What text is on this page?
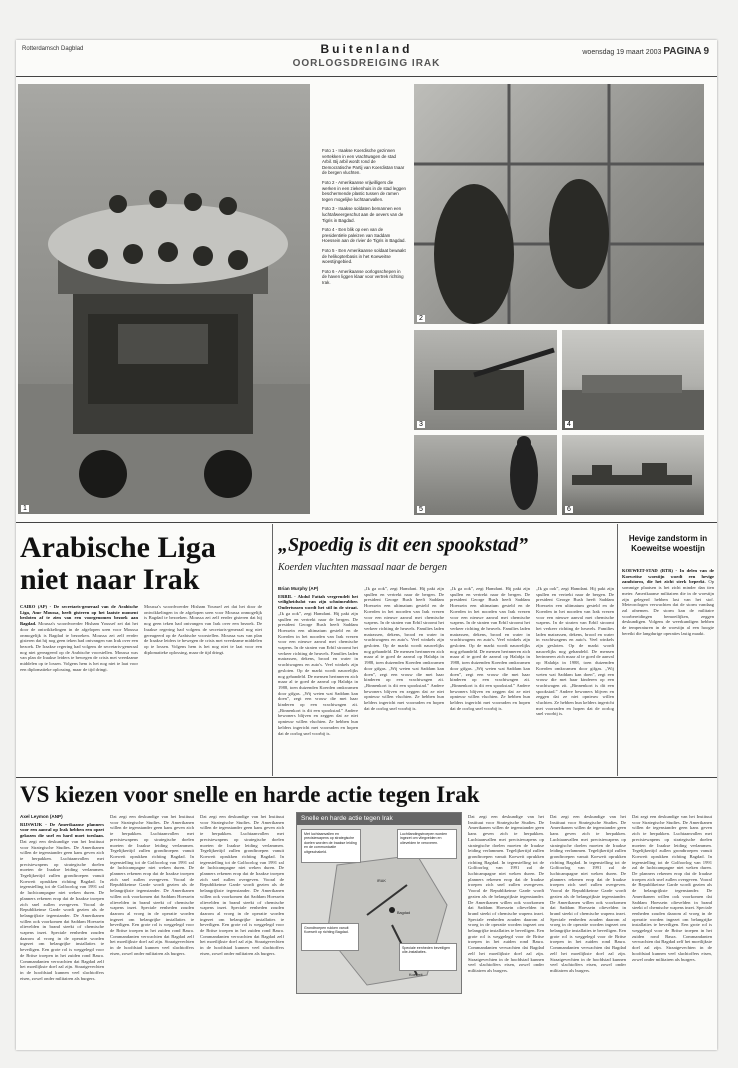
Rotterdamsch Dagblad	Buitenland
OORLOGSDREIGING IRAK
woensdag 19 maart 2003 PAGINA 9
1

Foto 1 - Iraakse Koerdische gezinnen vertekken in een vrachtwagen de stad Arbil. Bij arbil wordt rond de Democratische Partij van Koerdistan tnaar de bergen vluchten.

Foto 2 - Amerikaanse vrijwilligers die werken in een ziekenhuis in de stad leggen beschermende plastic tussen de ramen tegen mogelijke luchtaanvallen.

Foto 3 - Iraakse soldaten bemannen een luchtafweergeschut aan de oevers van de Tigris in Bagdad.

Foto 4 - Een blik op een van de presidentiële paleizen van Saddam Hoessein aan de rivier de Tigris in Bagdad.

Foto 5 - Een Amerikaanse soldaat bewaakt de helikopterbasis in het Koeweitse woestijngebied.

Foto 6 - Amerikaanse oorlogsschepen in de haven liggen klaar voor vertrek richting Irak.

2
3	4
5	6
Arabische Liga niet naar Irak
CAIRO (AP) - De secretaris-generaal van de Arabische Liga, Amr Moussa, heeft gisteren op het laatste moment besloten af te zien van een voorgenomen bezoek aan Bagdad. Moussa's woordvoerder Hisham Youssef zei dat het door de ontwikkelingen in de afgelopen uren voor Moussa onmogelijk is Bagdad te bezoeken. Moussa zei zelf eerder gisteren dat hij nog geen teken had ontvangen van Irak over een bezoek. De Iraakse regering had volgens de secretaris-generaal nog niet gereageerd op de Arabische voorstellen. Moussa was van plan de Iraakse leiders te bewegen de crisis met vreedzame middelen op te lossen. Volgens hem is het nog niet te laat voor een diplomatieke oplossing, maar de tijd dringt.
Moussa's woordvoerder Hisham Youssef zei dat het door de ontwikkelingen in de afgelopen uren voor Moussa onmogelijk is Bagdad te bezoeken. Moussa zei zelf eerder gisteren dat hij nog geen teken had ontvangen van Irak over een bezoek. De Iraakse regering had volgens de secretaris-generaal nog niet gereageerd op de Arabische voorstellen. Moussa was van plan de Iraakse leiders te bewegen de crisis met vreedzame middelen op te lossen. Volgens hem is het nog niet te laat voor een diplomatieke oplossing, maar de tijd dringt.
„Spoedig is dit een spookstad”
Koerden vluchten massaal naar de bergen
Brian Murphy (AP)
ERBIL - Abdul Fattah vergrendelt het veiligheidsslot van zijn schuimrubber. Ondertussen wordt het stil in de straat. „Ik ga ook”, zegt Hamdani. Hij pakt zijn spullen en vertrekt naar de bergen. De president George Bush heeft Saddam Hoessein een ultimatum gesteld en de Koerden in het noorden van Irak vrezen voor een nieuwe aanval met chemische wapens. In de straten van Erbil stroomt het verkeer richting de heuvels. Families laden matrassen, dekens, brood en water in vrachtwagens en auto's. Veel winkels zijn gesloten. Op de markt wordt nauwelijks nog gehandeld. De mensen herinneren zich maar al te goed de aanval op Halabja in 1988, toen duizenden Koerden omkwamen door gifgas. „Wij weten wat Saddam kan doen”, zegt een vrouw die met haar kinderen op een vrachtwagen zit. „Binnenkort is dit een spookstad.” Andere bewoners blijven en zeggen dat ze niet opnieuw willen vluchten. Ze hebben hun kelders ingericht met voorraden en hopen dat de oorlog snel voorbij is.
„Ik ga ook”, zegt Hamdani. Hij pakt zijn spullen en vertrekt naar de bergen. De president George Bush heeft Saddam Hoessein een ultimatum gesteld en de Koerden in het noorden van Irak vrezen voor een nieuwe aanval met chemische wapens. In de straten van Erbil stroomt het verkeer richting de heuvels. Families laden matrassen, dekens, brood en water in vrachtwagens en auto's. Veel winkels zijn gesloten. Op de markt wordt nauwelijks nog gehandeld. De mensen herinneren zich maar al te goed de aanval op Halabja in 1988, toen duizenden Koerden omkwamen door gifgas. „Wij weten wat Saddam kan doen”, zegt een vrouw die met haar kinderen op een vrachtwagen zit. „Binnenkort is dit een spookstad.” Andere bewoners blijven en zeggen dat ze niet opnieuw willen vluchten. Ze hebben hun kelders ingericht met voorraden en hopen dat de oorlog snel voorbij is.
„Ik ga ook”, zegt Hamdani. Hij pakt zijn spullen en vertrekt naar de bergen. De president George Bush heeft Saddam Hoessein een ultimatum gesteld en de Koerden in het noorden van Irak vrezen voor een nieuwe aanval met chemische wapens. In de straten van Erbil stroomt het verkeer richting de heuvels. Families laden matrassen, dekens, brood en water in vrachtwagens en auto's. Veel winkels zijn gesloten. Op de markt wordt nauwelijks nog gehandeld. De mensen herinneren zich maar al te goed de aanval op Halabja in 1988, toen duizenden Koerden omkwamen door gifgas. „Wij weten wat Saddam kan doen”, zegt een vrouw die met haar kinderen op een vrachtwagen zit. „Binnenkort is dit een spookstad.” Andere bewoners blijven en zeggen dat ze niet opnieuw willen vluchten. Ze hebben hun kelders ingericht met voorraden en hopen dat de oorlog snel voorbij is.
„Ik ga ook”, zegt Hamdani. Hij pakt zijn spullen en vertrekt naar de bergen. De president George Bush heeft Saddam Hoessein een ultimatum gesteld en de Koerden in het noorden van Irak vrezen voor een nieuwe aanval met chemische wapens. In de straten van Erbil stroomt het verkeer richting de heuvels. Families laden matrassen, dekens, brood en water in vrachtwagens en auto's. Veel winkels zijn gesloten. Op de markt wordt nauwelijks nog gehandeld. De mensen herinneren zich maar al te goed de aanval op Halabja in 1988, toen duizenden Koerden omkwamen door gifgas. „Wij weten wat Saddam kan doen”, zegt een vrouw die met haar kinderen op een vrachtwagen zit. „Binnenkort is dit een spookstad.” Andere bewoners blijven en zeggen dat ze niet opnieuw willen vluchten. Ze hebben hun kelders ingericht met voorraden en hopen dat de oorlog snel voorbij is.
Hevige zandstorm in Koeweitse woestijn
KOEWEIT-STAD (RTR) - In delen van de Koeweitse woestijn woedt een hevige zandstorm, die het zicht sterk beperkt. Op sommige plaatsen is het zicht minder dan tien meter. Amerikaanse militairen die in de woestijn zijn gelegerd hebben last van het stof. Meteorologen verwachten dat de storm vandaag zal afnemen. De storm kan de militaire voorbereidingen bemoeilijken, zeggen deskundigen. Volgens de weerkundigen hebben de temperaturen in de woestijn al een hoogte bereikt die langdurige operaties lastig maakt.
VS kiezen voor snelle en harde actie tegen Irak
Axel Leymon (ANP)
RIJSWIJK - De Amerikaanse planners voor een aanval op Irak hebben een opzet gekozen die snel en hard moet toeslaan. Dat zegt een deskundige van het Instituut voor Strategische Studies. De Amerikanen willen de tegenstander geen kans geven zich te herpakken. Luchtaanvallen met precisiewapens op strategische doelen moeten de Iraakse leiding verlammen. Tegelijkertijd zullen grondtroepen vanuit Koeweit oprukken richting Bagdad. In tegenstelling tot de Golfoorlog van 1991 zal de luchtcampagne niet weken duren. De planners rekenen erop dat de Iraakse troepen zich snel zullen overgeven. Vooral de Republikeinse Garde wordt gezien als de belangrijkste tegenstander. De Amerikanen willen ook voorkomen dat Saddam Hoessein olievelden in brand steekt of chemische wapens inzet. Speciale eenheden zouden daarom al vroeg in de operatie worden ingezet om belangrijke installaties te beveiligen. Een grote rol is weggelegd voor de Britse troepen in het zuiden rond Basra. Commandanten verwachten dat Bagdad zelf het moeilijkste doel zal zijn. Straatgevechten in de hoofdstad kunnen veel slachtoffers eisen, zowel onder militairen als burgers.
Dat zegt een deskundige van het Instituut voor Strategische Studies. De Amerikanen willen de tegenstander geen kans geven zich te herpakken. Luchtaanvallen met precisiewapens op strategische doelen moeten de Iraakse leiding verlammen. Tegelijkertijd zullen grondtroepen vanuit Koeweit oprukken richting Bagdad. In tegenstelling tot de Golfoorlog van 1991 zal de luchtcampagne niet weken duren. De planners rekenen erop dat de Iraakse troepen zich snel zullen overgeven. Vooral de Republikeinse Garde wordt gezien als de belangrijkste tegenstander. De Amerikanen willen ook voorkomen dat Saddam Hoessein olievelden in brand steekt of chemische wapens inzet. Speciale eenheden zouden daarom al vroeg in de operatie worden ingezet om belangrijke installaties te beveiligen. Een grote rol is weggelegd voor de Britse troepen in het zuiden rond Basra. Commandanten verwachten dat Bagdad zelf het moeilijkste doel zal zijn. Straatgevechten in de hoofdstad kunnen veel slachtoffers eisen, zowel onder militairen als burgers.
Dat zegt een deskundige van het Instituut voor Strategische Studies. De Amerikanen willen de tegenstander geen kans geven zich te herpakken. Luchtaanvallen met precisiewapens op strategische doelen moeten de Iraakse leiding verlammen. Tegelijkertijd zullen grondtroepen vanuit Koeweit oprukken richting Bagdad. In tegenstelling tot de Golfoorlog van 1991 zal de luchtcampagne niet weken duren. De planners rekenen erop dat de Iraakse troepen zich snel zullen overgeven. Vooral de Republikeinse Garde wordt gezien als de belangrijkste tegenstander. De Amerikanen willen ook voorkomen dat Saddam Hoessein olievelden in brand steekt of chemische wapens inzet. Speciale eenheden zouden daarom al vroeg in de operatie worden ingezet om belangrijke installaties te beveiligen. Een grote rol is weggelegd voor de Britse troepen in het zuiden rond Basra. Commandanten verwachten dat Bagdad zelf het moeilijkste doel zal zijn. Straatgevechten in de hoofdstad kunnen veel slachtoffers eisen, zowel onder militairen als burgers.
Snelle en harde actie tegen Irak
Met luchtaanvallen en precisiewapens op strategische doelen worden de Iraakse leiding en de communicatie uitgeschakeld.
Luchtlandingstroepen worden ingezet om vliegvelden en olievelden te veroveren.
Grondtroepen rukken vanuit Koeweit op richting Bagdad.
Speciale eenheden beveiligen olie-installaties.
IRAK
Bagdad
Koeweit
Dat zegt een deskundige van het Instituut voor Strategische Studies. De Amerikanen willen de tegenstander geen kans geven zich te herpakken. Luchtaanvallen met precisiewapens op strategische doelen moeten de Iraakse leiding verlammen. Tegelijkertijd zullen grondtroepen vanuit Koeweit oprukken richting Bagdad. In tegenstelling tot de Golfoorlog van 1991 zal de luchtcampagne niet weken duren. De planners rekenen erop dat de Iraakse troepen zich snel zullen overgeven. Vooral de Republikeinse Garde wordt gezien als de belangrijkste tegenstander. De Amerikanen willen ook voorkomen dat Saddam Hoessein olievelden in brand steekt of chemische wapens inzet. Speciale eenheden zouden daarom al vroeg in de operatie worden ingezet om belangrijke installaties te beveiligen. Een grote rol is weggelegd voor de Britse troepen in het zuiden rond Basra. Commandanten verwachten dat Bagdad zelf het moeilijkste doel zal zijn. Straatgevechten in de hoofdstad kunnen veel slachtoffers eisen, zowel onder militairen als burgers.
Dat zegt een deskundige van het Instituut voor Strategische Studies. De Amerikanen willen de tegenstander geen kans geven zich te herpakken. Luchtaanvallen met precisiewapens op strategische doelen moeten de Iraakse leiding verlammen. Tegelijkertijd zullen grondtroepen vanuit Koeweit oprukken richting Bagdad. In tegenstelling tot de Golfoorlog van 1991 zal de luchtcampagne niet weken duren. De planners rekenen erop dat de Iraakse troepen zich snel zullen overgeven. Vooral de Republikeinse Garde wordt gezien als de belangrijkste tegenstander. De Amerikanen willen ook voorkomen dat Saddam Hoessein olievelden in brand steekt of chemische wapens inzet. Speciale eenheden zouden daarom al vroeg in de operatie worden ingezet om belangrijke installaties te beveiligen. Een grote rol is weggelegd voor de Britse troepen in het zuiden rond Basra. Commandanten verwachten dat Bagdad zelf het moeilijkste doel zal zijn. Straatgevechten in de hoofdstad kunnen veel slachtoffers eisen, zowel onder militairen als burgers.
Dat zegt een deskundige van het Instituut voor Strategische Studies. De Amerikanen willen de tegenstander geen kans geven zich te herpakken. Luchtaanvallen met precisiewapens op strategische doelen moeten de Iraakse leiding verlammen. Tegelijkertijd zullen grondtroepen vanuit Koeweit oprukken richting Bagdad. In tegenstelling tot de Golfoorlog van 1991 zal de luchtcampagne niet weken duren. De planners rekenen erop dat de Iraakse troepen zich snel zullen overgeven. Vooral de Republikeinse Garde wordt gezien als de belangrijkste tegenstander. De Amerikanen willen ook voorkomen dat Saddam Hoessein olievelden in brand steekt of chemische wapens inzet. Speciale eenheden zouden daarom al vroeg in de operatie worden ingezet om belangrijke installaties te beveiligen. Een grote rol is weggelegd voor de Britse troepen in het zuiden rond Basra. Commandanten verwachten dat Bagdad zelf het moeilijkste doel zal zijn. Straatgevechten in de hoofdstad kunnen veel slachtoffers eisen, zowel onder militairen als burgers.
